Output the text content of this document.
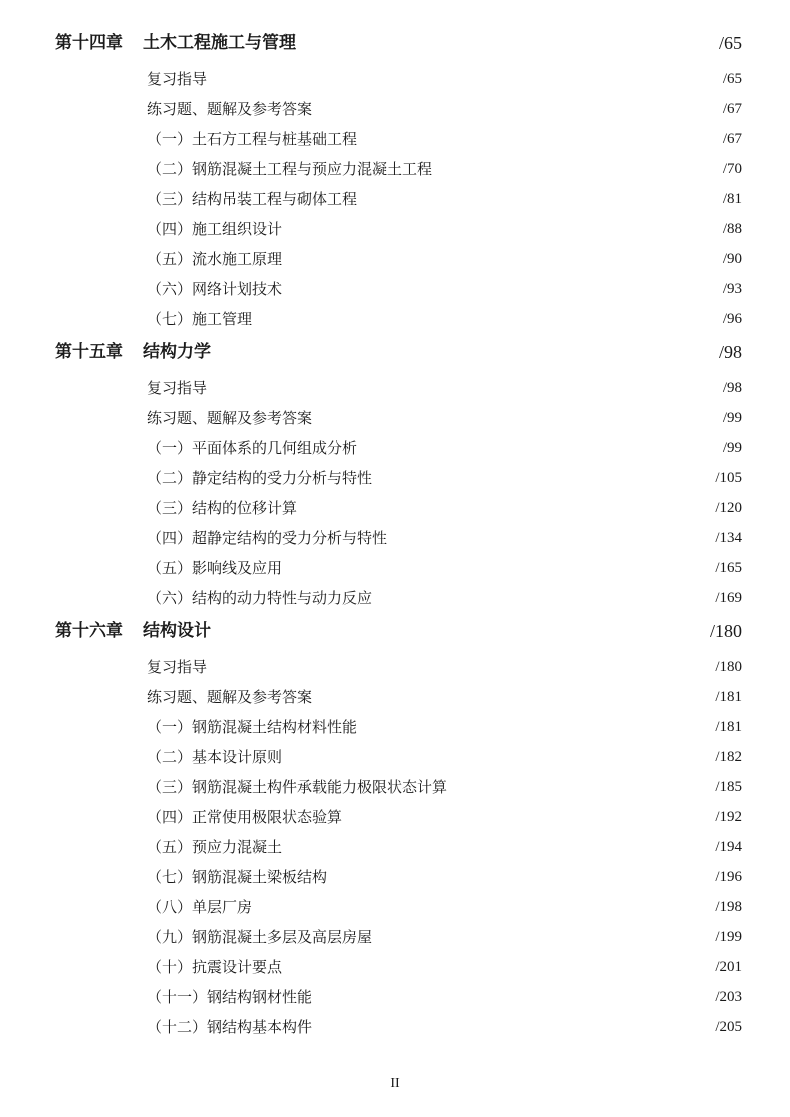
第十四章 土木工程施工与管理	/65
复习指导	/65
练习题、题解及参考答案	/67
（一）土石方工程与桩基础工程	/67
（二）钢筋混凝土工程与预应力混凝土工程	/70
（三）结构吊装工程与砌体工程	/81
（四）施工组织设计	/88
（五）流水施工原理	/90
（六）网络计划技术	/93
（七）施工管理	/96
第十五章 结构力学	/98
复习指导	/98
练习题、题解及参考答案	/99
（一）平面体系的几何组成分析	/99
（二）静定结构的受力分析与特性	/105
（三）结构的位移计算	/120
（四）超静定结构的受力分析与特性	/134
（五）影响线及应用	/165
（六）结构的动力特性与动力反应	/169
第十六章 结构设计	/180
复习指导	/180
练习题、题解及参考答案	/181
（一）钢筋混凝土结构材料性能	/181
（二）基本设计原则	/182
（三）钢筋混凝土构件承载能力极限状态计算	/185
（四）正常使用极限状态验算	/192
（五）预应力混凝土	/194
（七）钢筋混凝土梁板结构	/196
（八）单层厂房	/198
（九）钢筋混凝土多层及高层房屋	/199
（十）抗震设计要点	/201
（十一）钢结构钢材性能	/203
（十二）钢结构基本构件	/205
II
